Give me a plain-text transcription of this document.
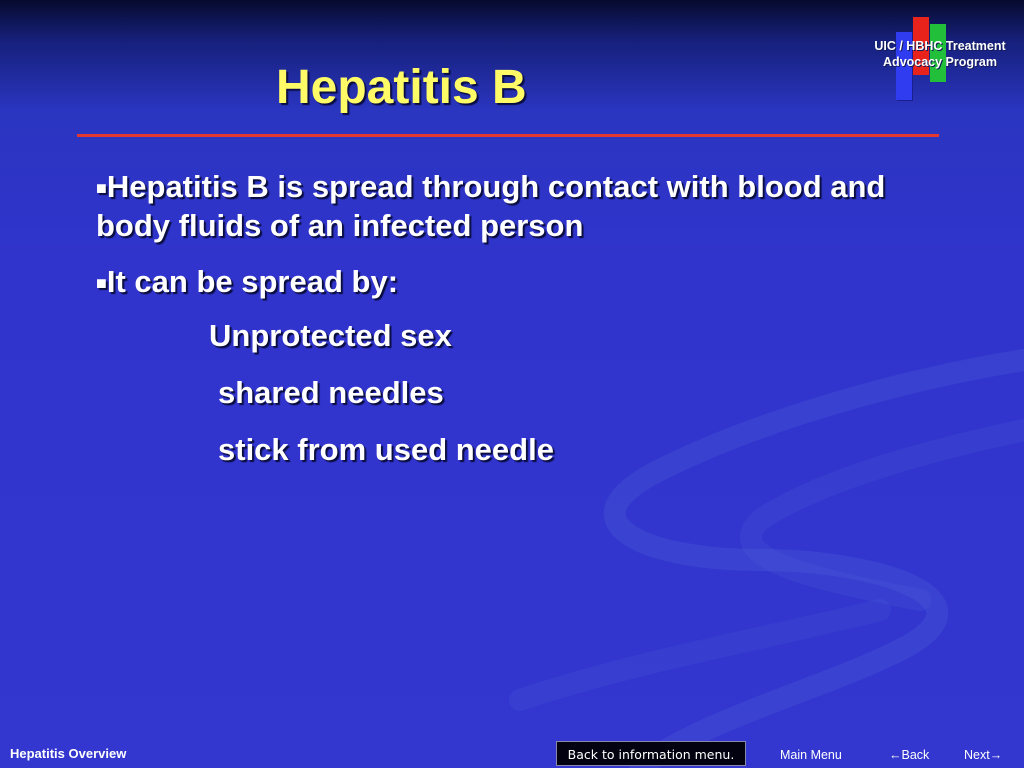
UIC / HBHC Treatment
Advocacy Program
Hepatitis B

■Hepatitis B is spread through contact with blood and body fluids of an infected person

■It can be spread by:

Unprotected sex
shared needles
stick from used needle
Hepatitis Overview	Back to information menu.	Main Menu	←Back	Next→
